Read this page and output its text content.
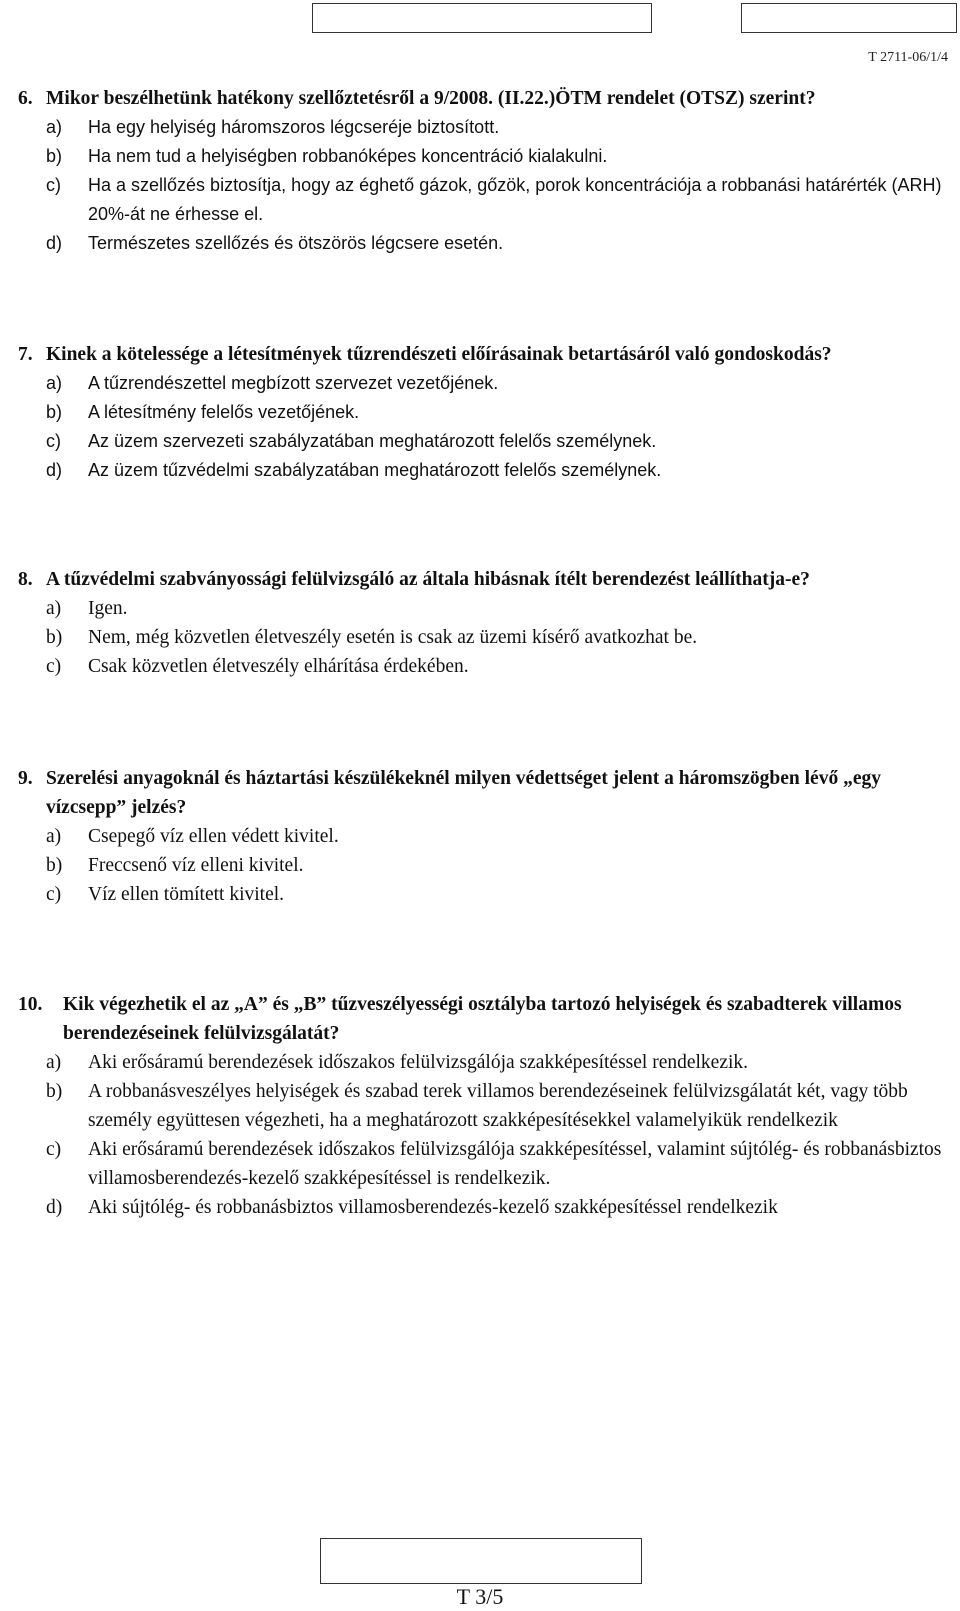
T 2711-06/1/4
6. Mikor beszélhetünk hatékony szellőztetésről a 9/2008. (II.22.)ÖTM rendelet (OTSZ) szerint?
a)	Ha egy helyiség háromszoros légcseréje biztosított.
b)	Ha nem tud a helyiségben robbanóképes koncentráció kialakulni.
c)	Ha a szellőzés biztosítja, hogy az éghető gázok, gőzök, porok koncentrációja a robbanási határérték (ARH) 20%-át ne érhesse el.
d)	Természetes szellőzés és ötszörös légcsere esetén.
7. Kinek a kötelessége a létesítmények tűzrendészeti előírásainak betartásáról való gondoskodás?
a)	A tűzrendészettel megbízott szervezet vezetőjének.
b)	A létesítmény felelős vezetőjének.
c)	Az üzem szervezeti szabályzatában meghatározott felelős személynek.
d)	Az üzem tűzvédelmi szabályzatában meghatározott felelős személynek.
8. A tűzvédelmi szabványossági felülvizsgáló az általa hibásnak ítélt berendezést leállíthatja-e?
a)	Igen.
b)	Nem, még közvetlen életveszély esetén is csak az üzemi kísérő avatkozhat be.
c)	Csak közvetlen életveszély elhárítása érdekében.
9. Szerelési anyagoknál és háztartási készülékeknél milyen védettséget jelent a háromszögben lévő „egy vízcsepp” jelzés?
a)	Csepegő víz ellen védett kivitel.
b)	Freccsenő víz elleni kivitel.
c)	Víz ellen tömített kivitel.
10.	Kik végezhetik el az „A” és „B” tűzveszélyességi osztályba tartozó helyiségek és szabadterek villamos berendezéseinek felülvizsgálatát?
a)	Aki erősáramú berendezések időszakos felülvizsgálója szakképesítéssel rendelkezik.
b)	A robbanásveszélyes helyiségek és szabad terek villamos berendezéseinek felülvizsgálatát két, vagy több személy együttesen végezheti, ha a meghatározott szakképesítésekkel valamelyikük rendelkezik
c)	Aki erősáramú berendezések időszakos felülvizsgálója szakképesítéssel, valamint sújtólég- és robbanásbiztos villamosberendezés-kezelő szakképesítéssel is rendelkezik.
d)	Aki sújtólég- és robbanásbiztos villamosberendezés-kezelő szakképesítéssel rendelkezik
T 3/5
